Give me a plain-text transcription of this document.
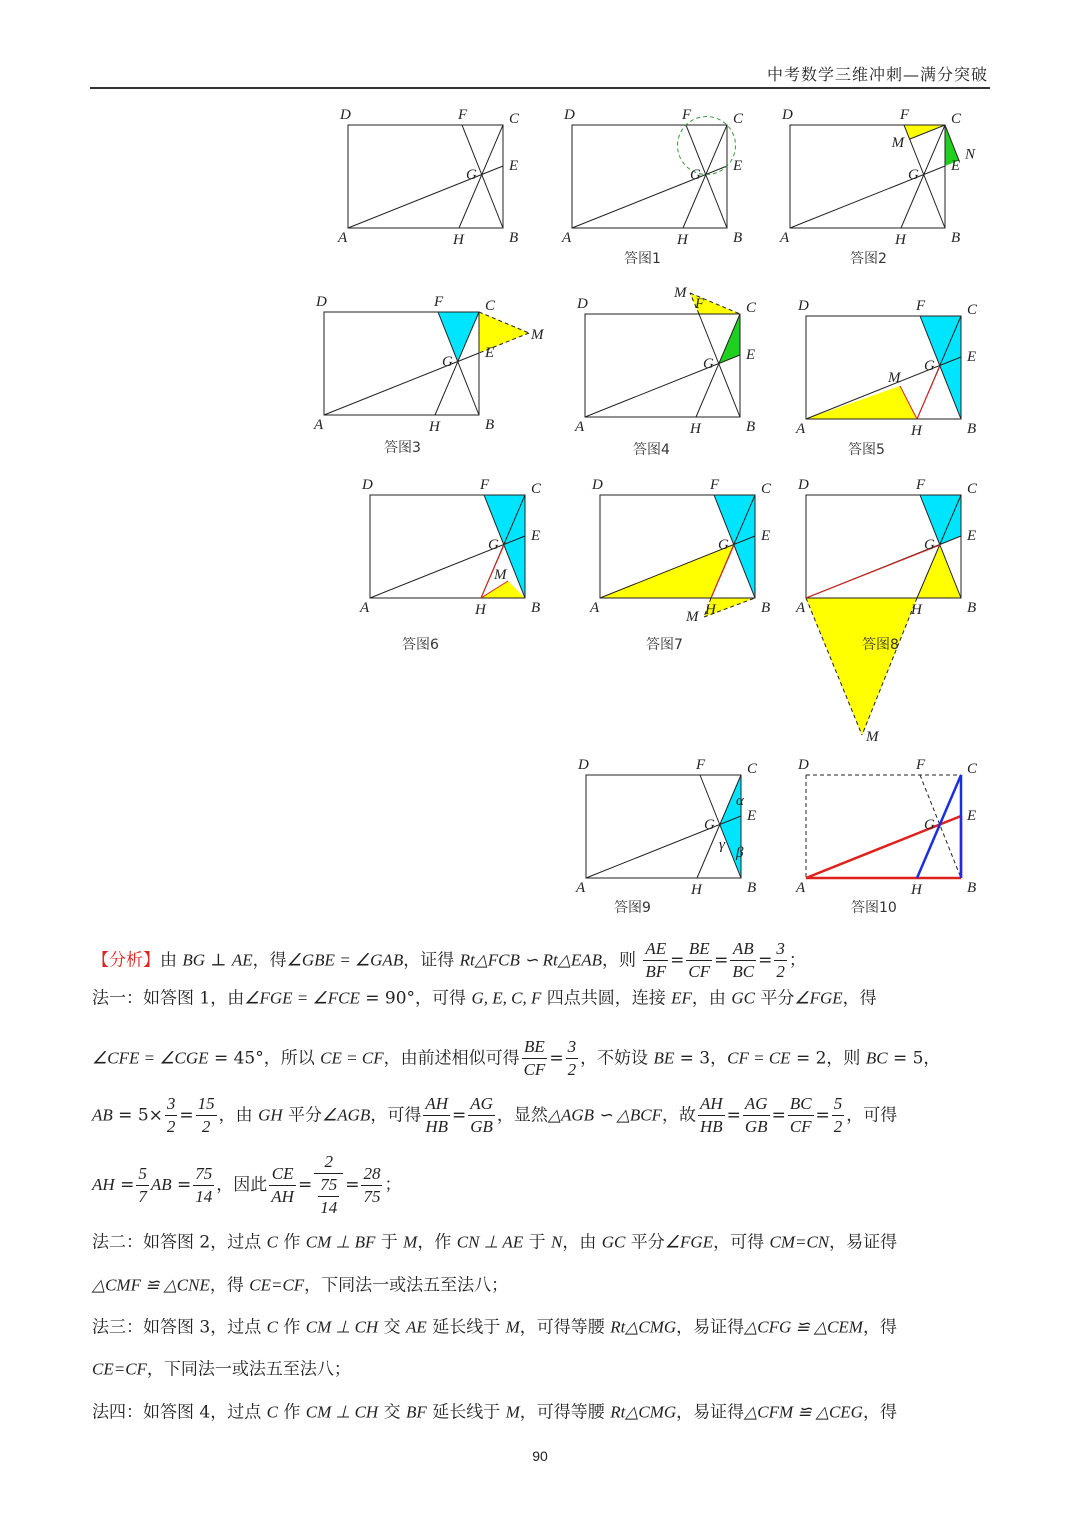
中考数学三维冲刺—满分突破
D	C
A	B
E
F
H
G
D	C
A	B
E
F
H
G
答图1
D	C
A	B
E
F
H
G
M
N
答图2
D	C
A	B
E
F
H
G
M
答图3
D	C
A	B
E
F
H
G
M
答图4
D	C
A	B
E
F
H
G
M
答图5
D	C
A	B
E
F
H
G
M
答图6
D	C
A	B
E
F
H
G
M
答图7
D	C
A	B
E
F
H
G
M
答图8
D	C
A	B
E
F
H
G
α
β
γ
答图9
D	C
A	B
E
F
H
G
答图10
【分析】由 BG ⊥ AE，得∠GBE = ∠GAB，证得 Rt△FCB ∽ Rt△EAB，则 $\frac{AE}{BF} = \frac{BE}{CF} = \frac{AB}{BC} = \frac{3}{2}$ ；
法一：如答图 1，由∠FGE = ∠FCE = 90°，可得 G, E, C, F 四点共圆，连接 EF，由 GC 平分∠FGE，得
∠CFE = ∠CGE = 45°，所以 CE = CF，由前述相似可得 $\frac{BE}{CF} = \frac{3}{2}$ ，不妨设 BE = 3，CF = CE = 2，则 BC = 5，
AB = $5\times \frac{3}{2} = \frac{15}{2}$ ，由 GH 平分∠AGB，可得 $\frac{AH}{HB} = \frac{AG}{GB}$ ，显然△AGB ∽ △BCF，故 $\frac{AH}{HB} = \frac{AG}{GB} = \frac{BC}{CF} = \frac{5}{2}$ ，可得
AH = $\frac{5}{7}$ AB = $\frac{75}{14}$ ，因此 $\frac{CE}{AH} = \frac{2}{\frac{75}{14}} = \frac{28}{75}$ ；
法二：如答图 2，过点 C 作 CM ⊥ BF 于 M，作 CN ⊥ AE 于 N，由 GC 平分∠FGE，可得 CM=CN，易证得
△CMF ≌ △CNE，得 CE=CF，下同法一或法五至法八；
法三：如答图 3，过点 C 作 CM ⊥ CH 交 AE 延长线于 M，可得等腰 Rt△CMG，易证得△CFG ≌ △CEM，得
CE=CF，下同法一或法五至法八；
法四：如答图 4，过点 C 作 CM ⊥ CH 交 BF 延长线于 M，可得等腰 Rt△CMG，易证得△CFM ≌ △CEG，得
90
